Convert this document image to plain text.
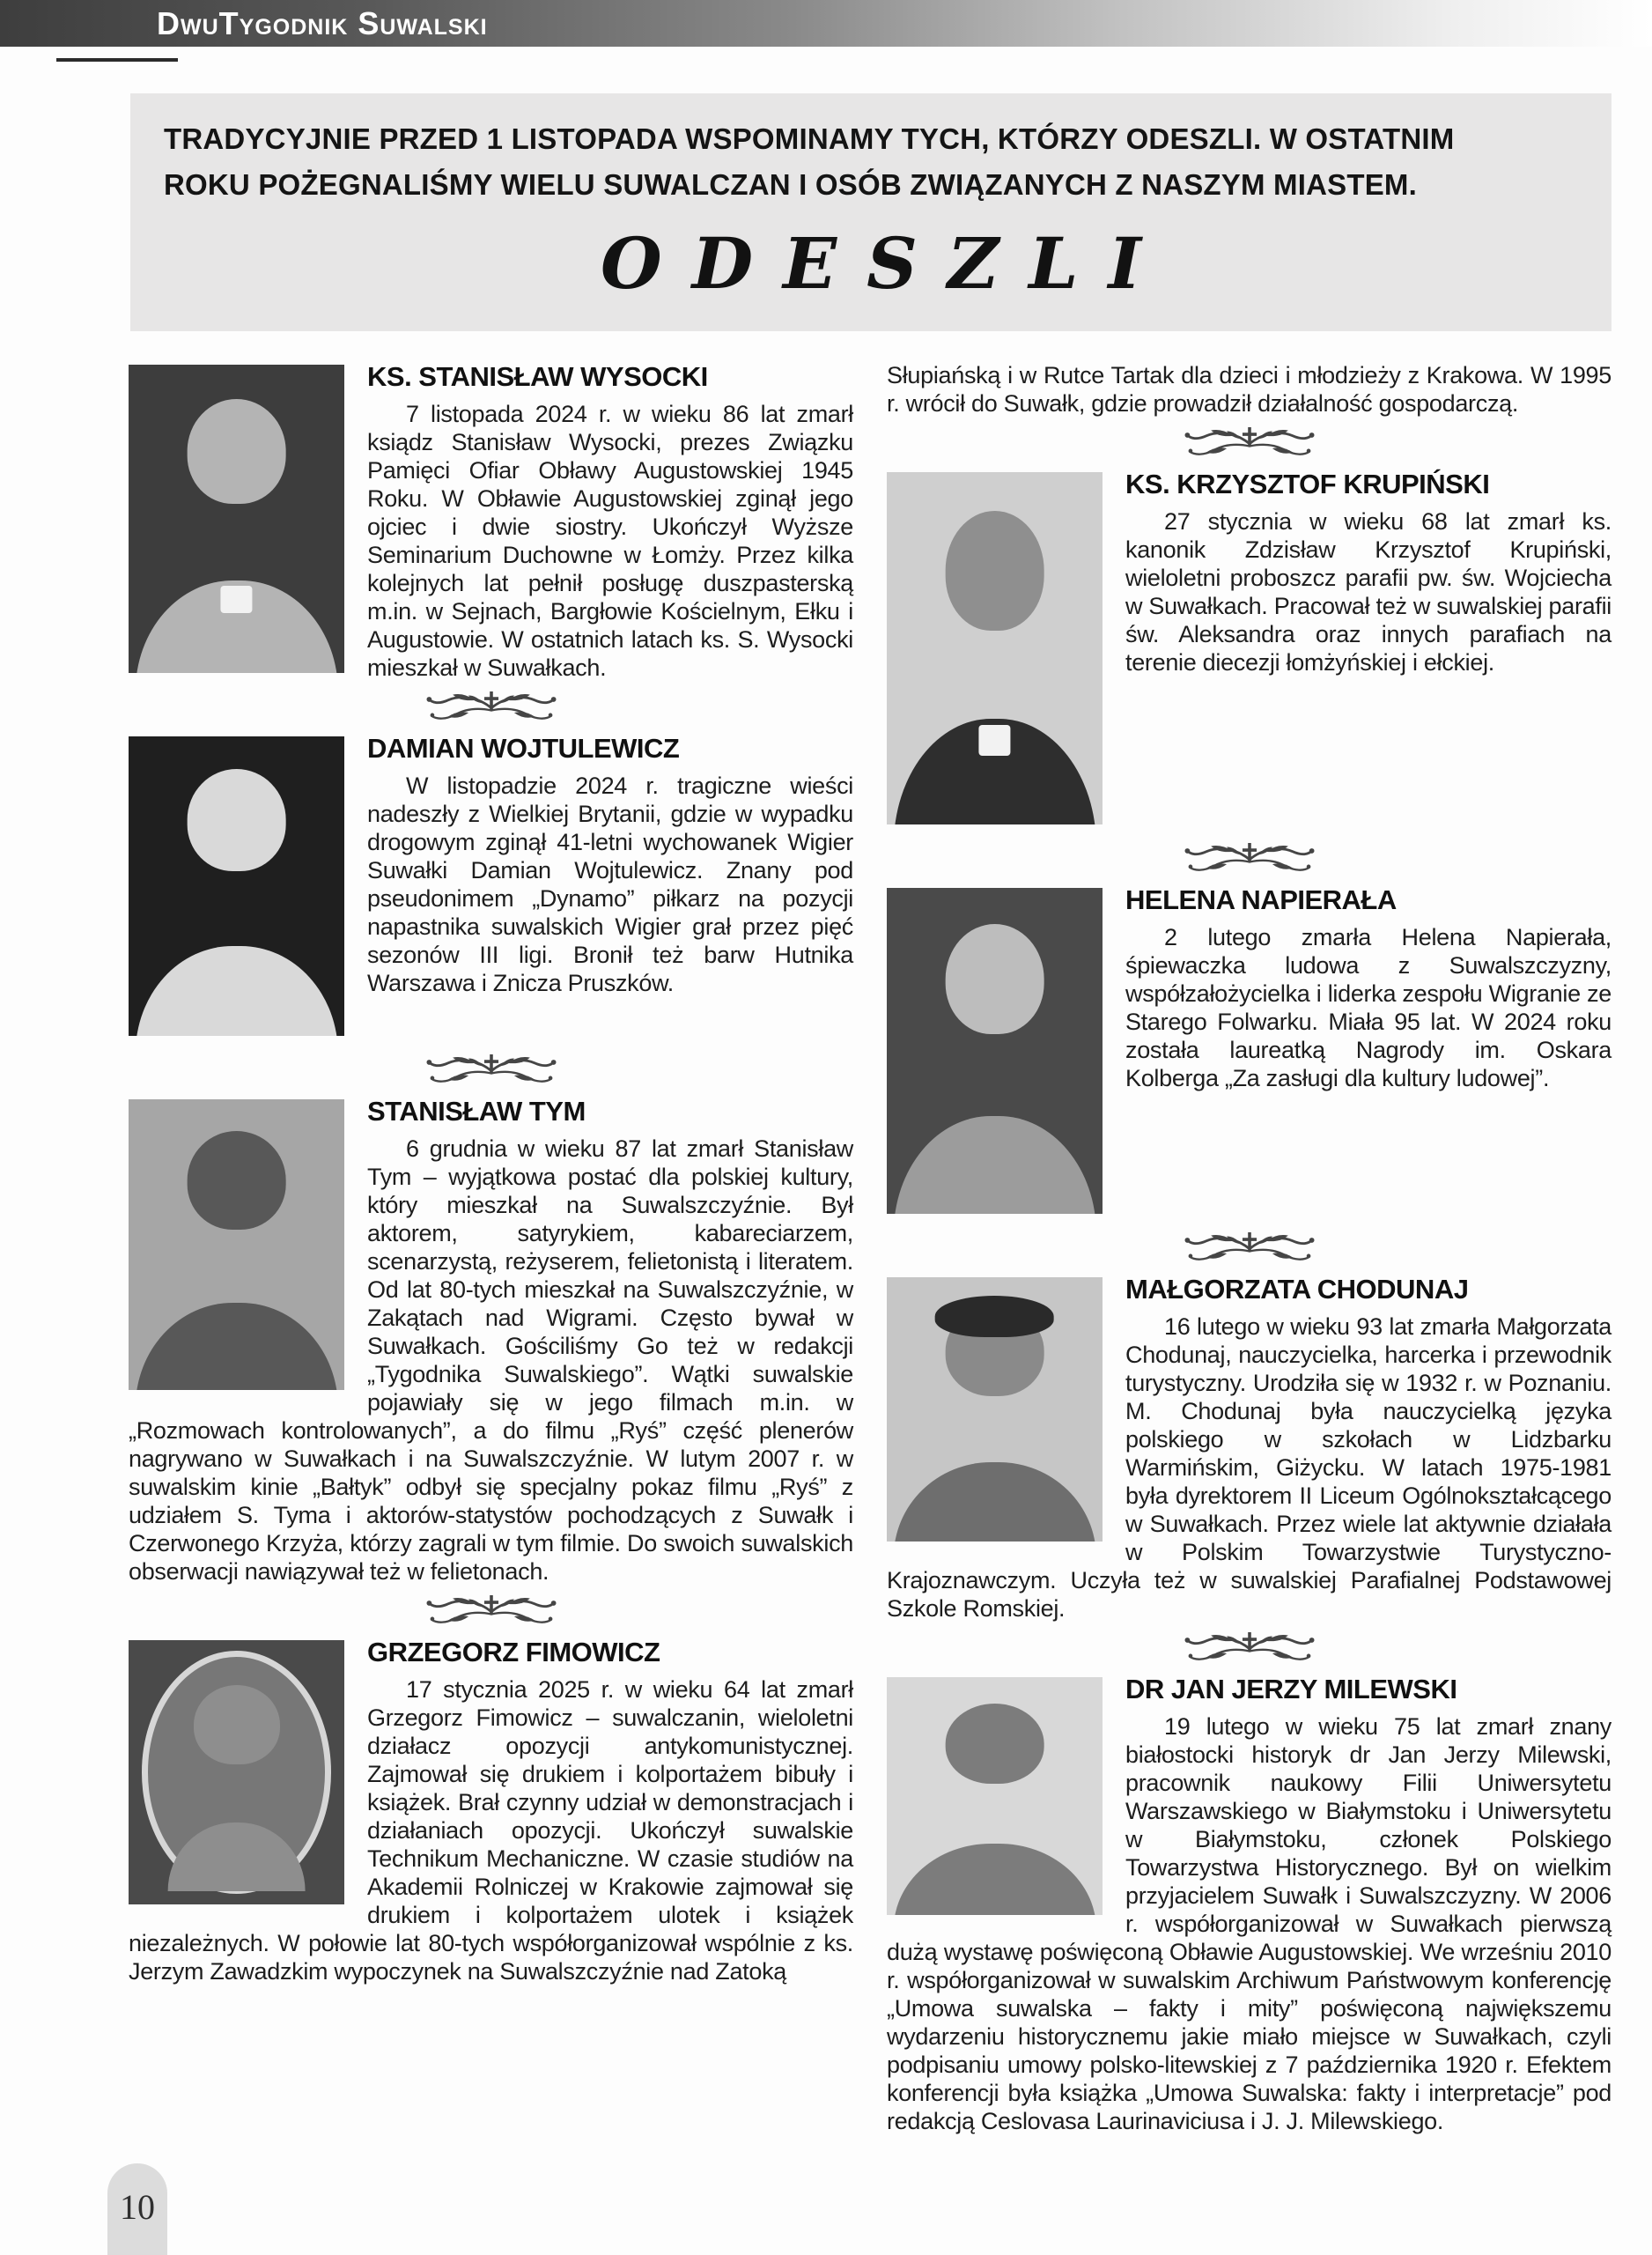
DwuTygodnik Suwalski
TRADYCYJNIE PRZED 1 LISTOPADA WSPOMINAMY TYCH, KTÓRZY ODESZLI. W OSTATNIM
ROKU POŻEGNALIŚMY WIELU SUWALCZAN I OSÓB ZWIĄZANYCH Z NASZYM MIASTEM.
ODESZLI
KS. STANISŁAW WYSOCKI

7 listopada 2024 r. w wieku 86 lat zmarł ksiądz Stanisław Wysocki, prezes Związku Pamięci Ofiar Obławy Augustowskiej 1945 Roku. W Obławie Augustowskiej zginął jego ojciec i dwie siostry. Ukończył Wyższe Seminarium Duchowne w Łomży. Przez kilka kolejnych lat pełnił posługę duszpasterską m.in. w Sejnach, Bargłowie Kościelnym, Ełku i Augustowie. W ostatnich latach ks. S. Wysocki mieszkał w Suwałkach.

DAMIAN WOJTULEWICZ

W listopadzie 2024 r. tragiczne wieści nadeszły z Wielkiej Brytanii, gdzie w wypadku drogowym zginął 41-letni wychowanek Wigier Suwałki Damian Wojtulewicz. Znany pod pseudonimem „Dynamo” piłkarz na pozycji napastnika suwalskich Wigier grał przez pięć sezonów III ligi. Bronił też barw Hutnika Warszawa i Znicza Pruszków.

STANISŁAW TYM

6 grudnia w wieku 87 lat zmarł Stanisław Tym – wyjątkowa postać dla polskiej kultury, który mieszkał na Suwalszczyźnie. Był aktorem, satyrykiem, kabareciarzem, scenarzystą, reżyserem, felietonistą i literatem. Od lat 80-tych mieszkał na Suwalszczyźnie, w Zakątach nad Wigrami. Często bywał w Suwałkach. Gościliśmy Go też w redakcji „Tygodnika Suwalskiego”. Wątki suwalskie pojawiały się w jego filmach m.in. w „Rozmowach kontrolowanych”, a do filmu „Ryś” część plenerów nagrywano w Suwałkach i na Suwalszczyźnie. W lutym 2007 r. w suwalskim kinie „Bałtyk” odbył się specjalny pokaz filmu „Ryś” z udziałem S. Tyma i aktorów-statystów pochodzących z Suwałk i Czerwonego Krzyża, którzy zagrali w tym filmie. Do swoich suwalskich obserwacji nawiązywał też w felietonach.

GRZEGORZ FIMOWICZ

17 stycznia 2025 r. w wieku 64 lat zmarł Grzegorz Fimowicz – suwalczanin, wieloletni działacz opozycji antykomunistycznej. Zajmował się drukiem i kolportażem bibuły i książek. Brał czynny udział w demonstracjach i działaniach opozycji. Ukończył suwalskie Technikum Mechaniczne. W czasie studiów na Akademii Rolniczej w Krakowie zajmował się drukiem i kolportażem ulotek i książek niezależnych. W połowie lat 80-tych współorganizował wspólnie z ks. Jerzym Zawadzkim wypoczynek na Suwalszczyźnie nad Zatoką

Słupiańską i w Rutce Tartak dla dzieci i młodzieży z Krakowa. W 1995 r. wrócił do Suwałk, gdzie prowadził działalność gospodarczą.

KS. KRZYSZTOF KRUPIŃSKI

27 stycznia w wieku 68 lat zmarł ks. kanonik Zdzisław Krzysztof Krupiński, wieloletni proboszcz parafii pw. św. Wojciecha w Suwałkach. Pracował też w suwalskiej parafii św. Aleksandra oraz innych parafiach na terenie diecezji łomżyńskiej i ełckiej.

HELENA NAPIERAŁA

2 lutego zmarła Helena Napierała, śpiewaczka ludowa z Suwalszczyzny, współzałożycielka i liderka zespołu Wigranie ze Starego Folwarku. Miała 95 lat. W 2024 roku została laureatką Nagrody im. Oskara Kolberga „Za zasługi dla kultury ludowej”.

MAŁGORZATA CHODUNAJ

16 lutego w wieku 93 lat zmarła Małgorzata Chodunaj, nauczycielka, harcerka i przewodnik turystyczny. Urodziła się w 1932 r. w Poznaniu. M. Chodunaj była nauczycielką języka polskiego w szkołach w Lidzbarku Warmińskim, Giżycku. W latach 1975-1981 była dyrektorem II Liceum Ogólnokształcącego w Suwałkach. Przez wiele lat aktywnie działała w Polskim Towarzystwie Turystyczno-Krajoznawczym. Uczyła też w suwalskiej Parafialnej Podstawowej Szkole Romskiej.

DR JAN JERZY MILEWSKI

19 lutego w wieku 75 lat zmarł znany białostocki historyk dr Jan Jerzy Milewski, pracownik naukowy Filii Uniwersytetu Warszawskiego w Białymstoku i Uniwersytetu w Białymstoku, członek Polskiego Towarzystwa Historycznego. Był on wielkim przyjacielem Suwałk i Suwalszczyzny. W 2006 r. współorganizował w Suwałkach pierwszą dużą wystawę poświęconą Obławie Augustowskiej. We wrześniu 2010 r. współorganizował w suwalskim Archiwum Państwowym konferencję „Umowa suwalska – fakty i mity” poświęconą największemu wydarzeniu historycznemu jakie miało miejsce w Suwałkach, czyli podpisaniu umowy polsko-litewskiej z 7 października 1920 r. Efektem konferencji była książka „Umowa Suwalska: fakty i interpretacje” pod redakcją Ceslovasa Laurinaviciusa i J. J. Milewskiego.

10
